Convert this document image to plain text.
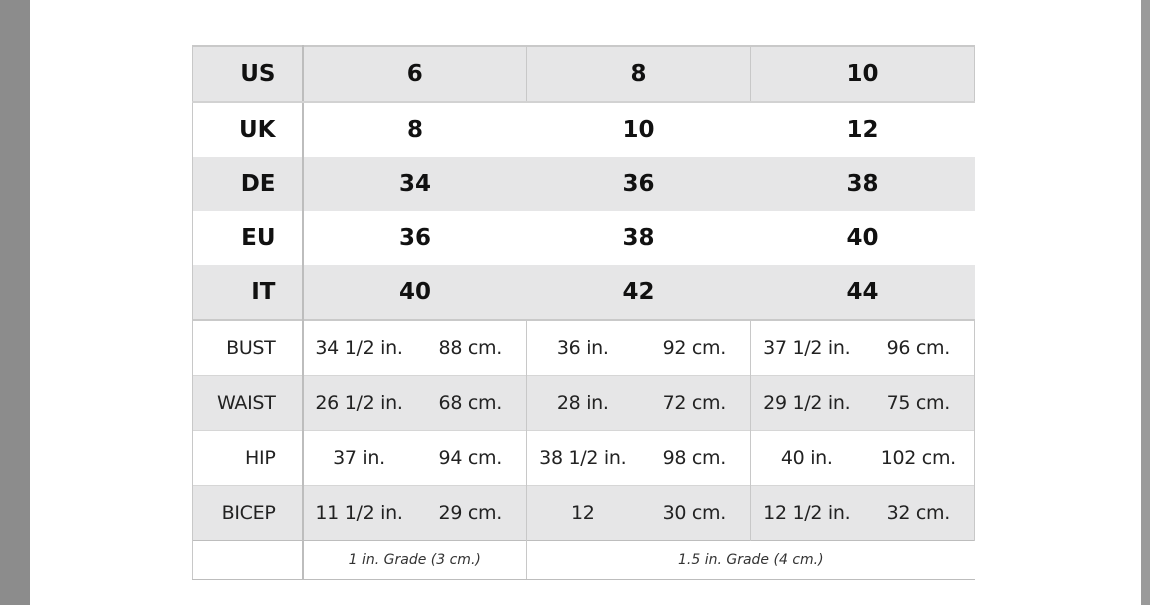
US	6		8		10	
UK	8		10		12	
DE	34		36		38	
EU	36		38		40	
IT	40		42		44	
BUST	34 1/2 in.	88 cm.	36 in.	92 cm.	37 1/2 in.	96 cm.
WAIST	26 1/2 in.	68 cm.	28 in.	72 cm.	29 1/2 in.	75 cm.
HIP	37 in.	94 cm.	38 1/2 in.	98 cm.	40 in.	102 cm.
BICEP	11 1/2 in.	29 cm.	12	30 cm.	12 1/2 in.	32 cm.
	1 in. Grade (3 cm.)		1.5 in. Grade (4 cm.)			
